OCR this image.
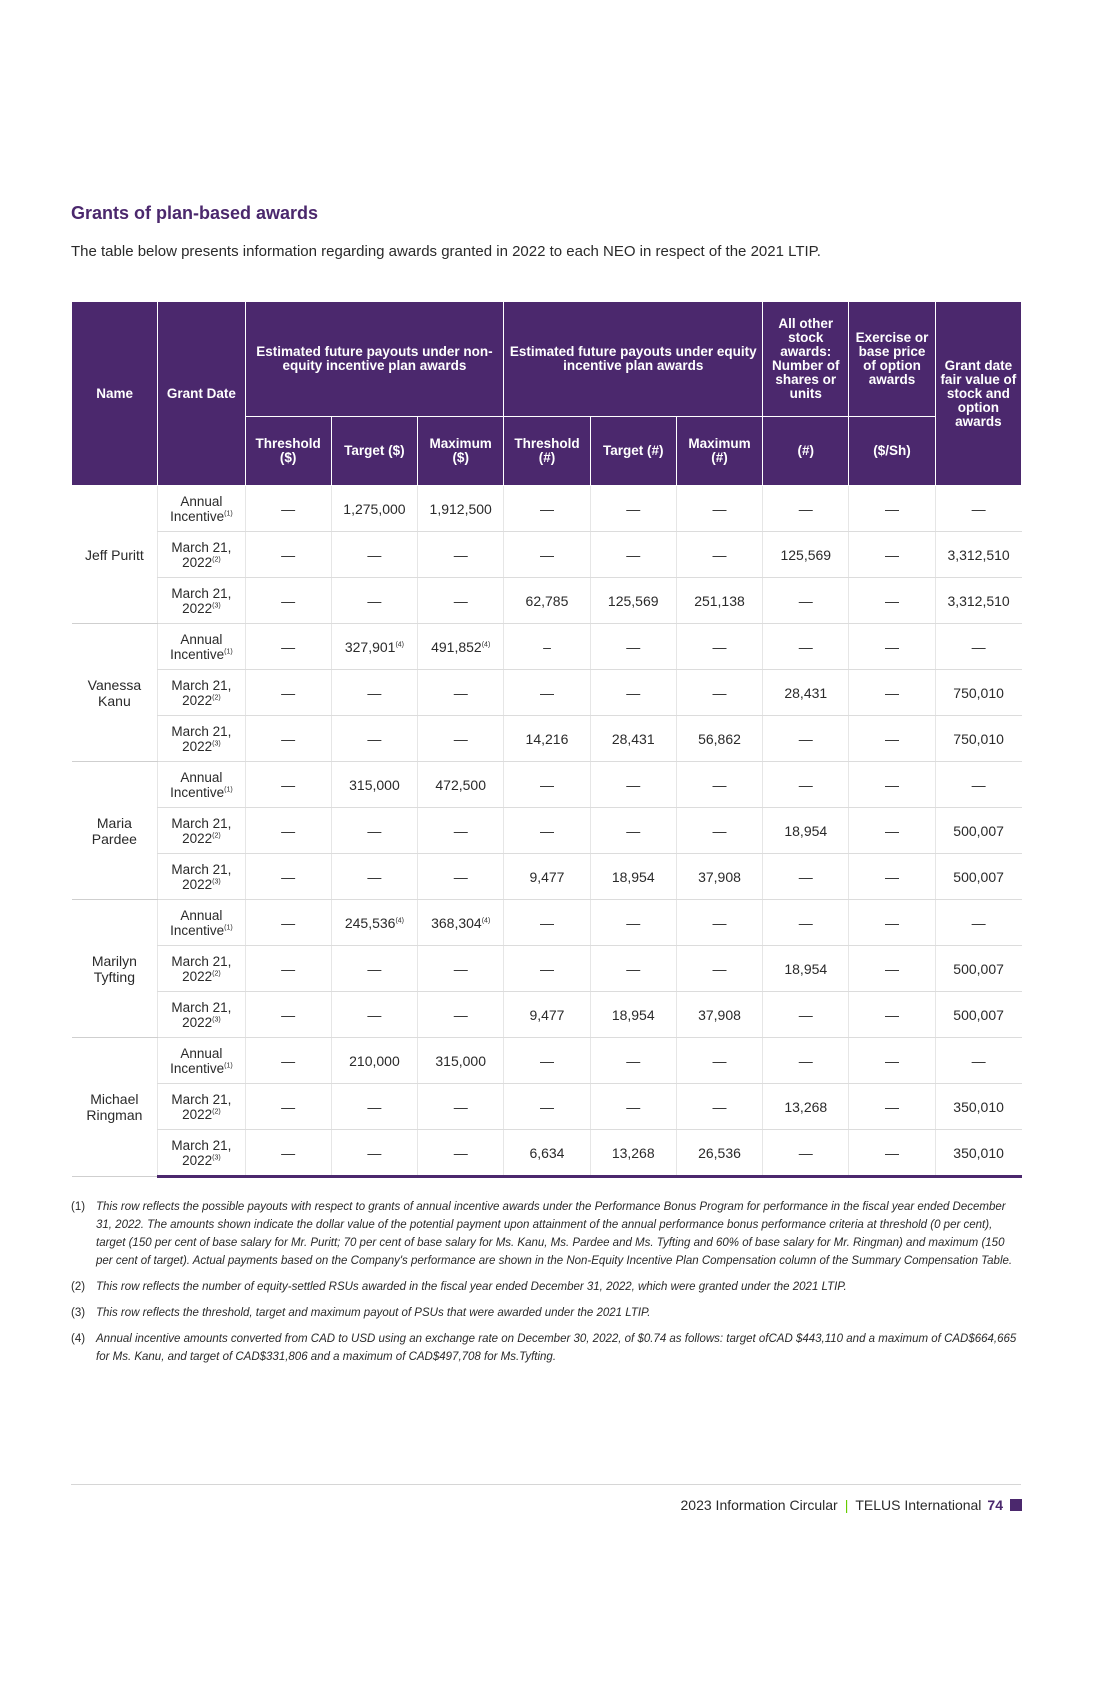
Grants of plan-based awards
The table below presents information regarding awards granted in 2022 to each NEO in respect of the 2021 LTIP.
Name	Grant Date	Estimated future payouts under non-equity incentive plan awards			Estimated future payouts under equity incentive plan awards			All other stock awards: Number of shares or units	Exercise or base price of option awards	Grant date fair value of stock and option awards
		Threshold ($)	Target ($)	Maximum ($)	Threshold (#)	Target (#)	Maximum (#)	(#)	($/Sh)	
Jeff Puritt	Annual Incentive$^{(1)}$	—	1,275,000	1,912,500	—	—	—	—	—	—
	March 21, 2022$^{(2)}$	—	—	—	—	—	—	125,569	—	3,312,510
	March 21, 2022$^{(3)}$	—	—	—	62,785	125,569	251,138	—	—	3,312,510
Vanessa Kanu	Annual Incentive$^{(1)}$	—	327,901$^{(4)}$	491,852$^{(4)}$	–	—	—	—	—	—
	March 21, 2022$^{(2)}$	—	—	—	—	—	—	28,431	—	750,010
	March 21, 2022$^{(3)}$	—	—	—	14,216	28,431	56,862	—	—	750,010
Maria Pardee	Annual Incentive$^{(1)}$	—	315,000	472,500	—	—	—	—	—	—
	March 21, 2022$^{(2)}$	—	—	—	—	—	—	18,954	—	500,007
	March 21, 2022$^{(3)}$	—	—	—	9,477	18,954	37,908	—	—	500,007
Marilyn Tyfting	Annual Incentive$^{(1)}$	—	245,536$^{(4)}$	368,304$^{(4)}$	—	—	—	—	—	—
	March 21, 2022$^{(2)}$	—	—	—	—	—	—	18,954	—	500,007
	March 21, 2022$^{(3)}$	—	—	—	9,477	18,954	37,908	—	—	500,007
Michael Ringman	Annual Incentive$^{(1)}$	—	210,000	315,000	—	—	—	—	—	—
	March 21, 2022$^{(2)}$	—	—	—	—	—	—	13,268	—	350,010
	March 21, 2022$^{(3)}$	—	—	—	6,634	13,268	26,536	—	—	350,010
(1) This row reflects the possible payouts with respect to grants of annual incentive awards under the Performance Bonus Program for performance in the fiscal year ended December 31, 2022. The amounts shown indicate the dollar value of the potential payment upon attainment of the annual performance bonus performance criteria at threshold (0 per cent), target (150 per cent of base salary for Mr. Puritt; 70 per cent of base salary for Ms. Kanu, Ms. Pardee and Ms. Tyfting and 60% of base salary for Mr. Ringman) and maximum (150 per cent of target). Actual payments based on the Company's performance are shown in the Non-Equity Incentive Plan Compensation column of the Summary Compensation Table.
(2) This row reflects the number of equity-settled RSUs awarded in the fiscal year ended December 31, 2022, which were granted under the 2021 LTIP.
(3) This row reflects the threshold, target and maximum payout of PSUs that were awarded under the 2021 LTIP.
(4) Annual incentive amounts converted from CAD to USD using an exchange rate on December 30, 2022, of $0.74 as follows: target ofCAD $443,110 and a maximum of CAD$664,665 for Ms. Kanu, and target of CAD$331,806 and a maximum of CAD$497,708 for Ms.Tyfting.
2023 Information Circular | TELUS International 74
